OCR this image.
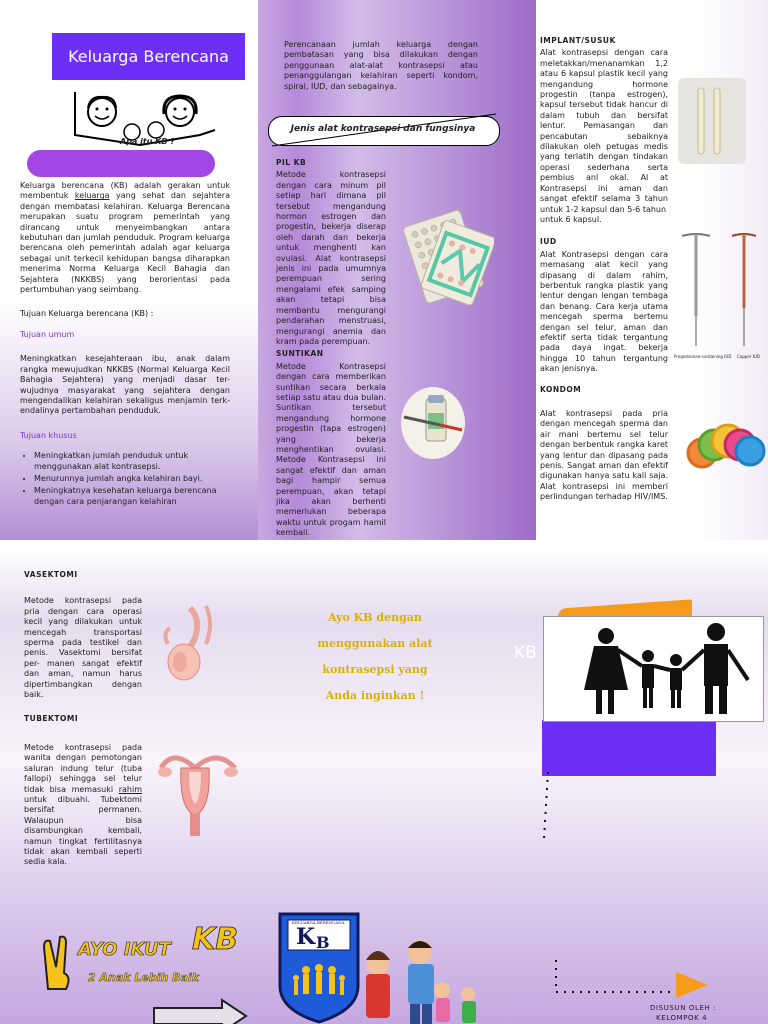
Keluarga Berencana
Apa itu KB ?

Keluarga berencana (KB) adalah gerakan untuk membentuk keluarga yang sehat dan sejahtera dengan membatasi kelahiran. Keluarga Berencana merupakan suatu program pemerintah yang dirancang untuk menyeimbangkan antara kebutuhan dan jumlah penduduk. Program keluarga berencana oleh pemerintah adalah agar keluarga sebagai unit terkecil kehidupan bangsa diharapkan menerima Norma Keluarga Kecil Bahagia dan Sejahtera (NKKBS) yang berorientasi pada pertumbuhan yang seimbang.

Tujuan Keluarga berencana (KB) :

Tujuan umum

Meningkatkan kesejahteraan ibu, anak dalam rangka mewujudkan NKKBS (Normal Keluarga Kecil Bahagia Sejahtera) yang menjadi dasar ter- wujudnya masyarakat yang sejahtera dengan mengendalikan kelahiran sekaligus menjamin terk- endalinya pertambahan penduduk.

Tujuan khusus

• Meningkatkan jumlah penduduk untuk menggunakan alat kontrasepsi.
• Menurunnya jumlah angka kelahiran bayi.
• Meningkatnya kesehatan keluarga berencana dengan cara penjarangan kelahiran
Perencanaan jumlah keluarga dengan pembatasan yang bisa dilakukan dengan penggunaan alat-alat kontrasepsi atau penanggulangan kelahiran seperti kondom, spiral, IUD, dan sebagainya.
Jenis alat kontrasepsi dan fungsinya
PIL KB

Metode kontrasepsi dengan cara minum pil setiap hari dimana pil tersebut mengandung hormon estrogen dan progestin, bekerja diserap oleh darah dan bekerja untuk menghenti kan ovulasi. Alat kontrasepsi jenis ini pada umumnya perempuan sering mengalami efek samping akan tetapi bisa membantu mengurangi pendarahan menstruasi, mengurangi anemia dan kram pada perempuan.

SUNTIKAN

Metode Kontrasepsi dengan cara memberikan suntikan secara berkala setiap satu atau dua bulan. Suntikan tersebut mengandung hormone progestin (tapa estrogen) yang bekerja menghentikan ovulasi. Metode Kontrasepsi ini sangat efektif dan aman bagi hampir semua perempuan, akan tetapi jika akan berhenti memerlukan beberapa waktu untuk progam hamil kembali.

IMPLANT/SUSUK

Alat kontrasepsi dengan cara meletakkan/menanamkan 1,2 atau 6 kapsul plastik kecil yang mengandung hormone progestin (tanpa estrogen), kapsul tersebut tidak hancur di dalam tubuh dan bersifat lentur. Pemasangan dan pencabutan sebaiknya dilakukan oleh petugas medis yang terlatih dengan tindakan operasi sederhana serta pembius anl okal. Al at Kontrasepsi ini aman dan sangat efektif selama 3 tahun untuk 1-2 kapsul dan 5-6 tahun

untuk 6 kapsul.

IUD

Alat Kontrasepsi dengan cara memasang alat kecil yang dipasang di dalam rahim, berbentuk rangka plastik yang lentur dengan lengan tembaga dan benang. Cara kerja utama mencegah sperma bertemu dengan sel telur, aman dan efektif serta tidak tergantung pada daya ingat. bekerja hingga 10 tahun tergantung akan jenisnya.

KONDOM

Alat kontrasepsi pada pria dengan mencegah sperma dan air mani bertemu sel telur dengan berbentuk rangka karet yang lentur dan dipasang pada penis. Sangat aman dan efektif digunakan hanya satu kali saja. Alat kontrasepsi ini memberi perlindungan terhadap HIV/IMS.

Progesterone-containing IUD Copper IUD
VASEKTOMI

Metode kontrasepsi pada pria dengan cara operasi kecil yang dilakukan untuk mencegah transportasi sperma pada testikel dan penis. Vasektomi bersifat per- manen sangat efektif dan aman, namun harus dipertimbangkan dengan baik.

TUBEKTOMI

Metode kontrasepsi pada wanita dengan pemotongan saluran indung telur (tuba fallopi) sehingga sel telur tidak bisa memasuki rahim untuk dibuahi. Tubektomi bersifat permanen. Walaupun bisa disambungkan kembali, namun tingkat fertilitasnya tidak akan kembali seperti sedia kala.

Ayo KB dengan
menggunakan alat
kontrasepsi yang
Anda inginkan !
KB
AYO IKUT KB
2 Anak Lebih Baik
K B
KELUARGA BERENCANA
DISUSUN OLEH :
KELOMPOK 4
